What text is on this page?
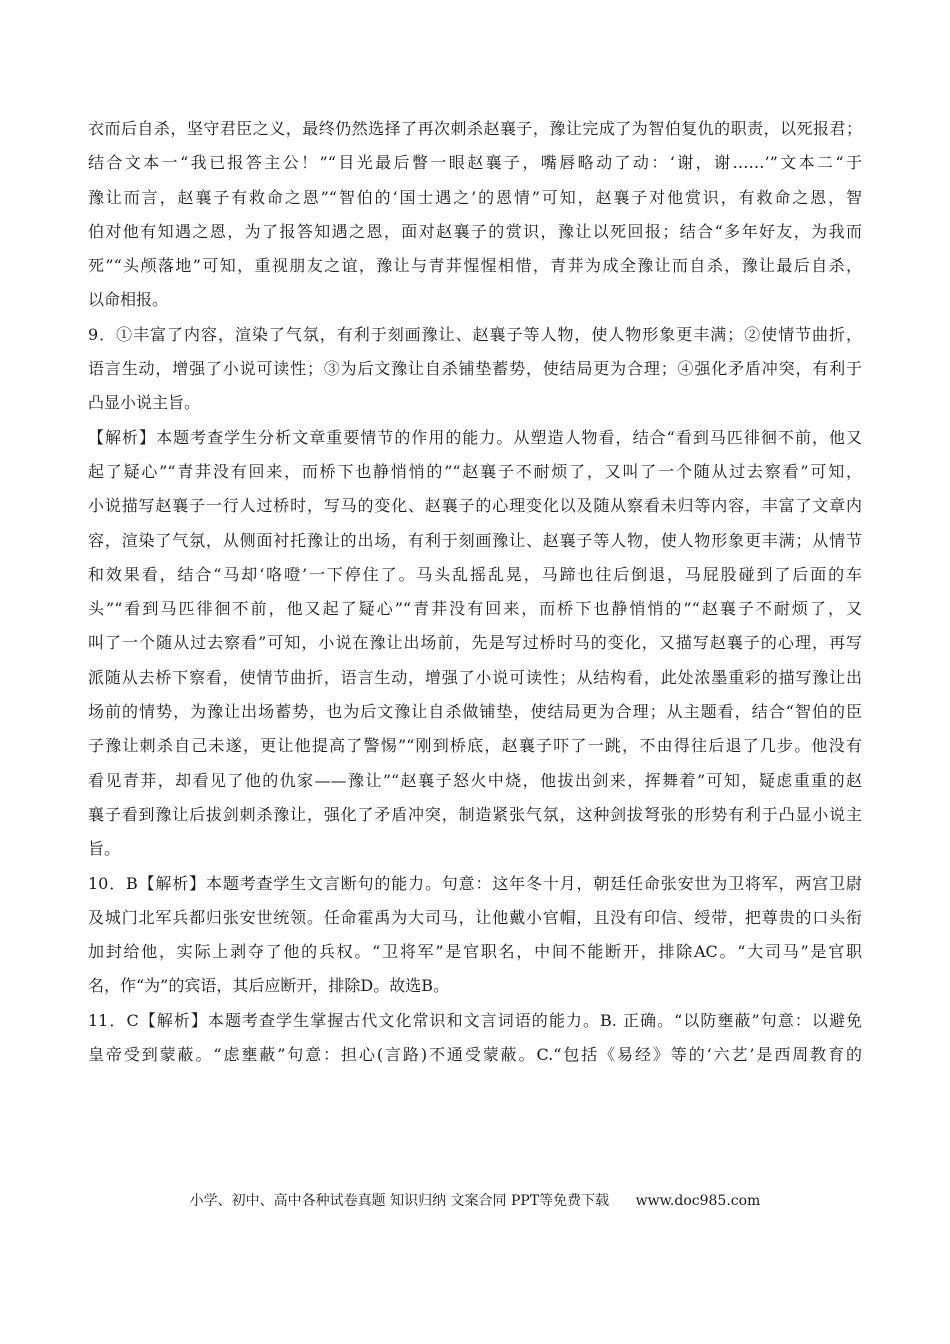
衣而后自杀，坚守君臣之义，最终仍然选择了再次刺杀赵襄子，豫让完成了为智伯复仇的职责，以死报君；
结合文本一“我已报答主公！”“目光最后瞥一眼赵襄子，嘴唇略动了动：‘谢，谢……’”文本二“于
豫让而言，赵襄子有救命之恩”“智伯的‘国士遇之’的恩情”可知，赵襄子对他赏识，有救命之恩，智
伯对他有知遇之恩，为了报答知遇之恩，面对赵襄子的赏识，豫让以死回报；结合“多年好友，为我而
死”“头颅落地”可知，重视朋友之谊，豫让与青荓惺惺相惜，青荓为成全豫让而自杀，豫让最后自杀，
以命相报。
9．①丰富了内容，渲染了气氛，有利于刻画豫让、赵襄子等人物，使人物形象更丰满；②使情节曲折，
语言生动，增强了小说可读性；③为后文豫让自杀铺垫蓄势，使结局更为合理；④强化矛盾冲突，有利于
凸显小说主旨。
【解析】本题考查学生分析文章重要情节的作用的能力。从塑造人物看，结合“看到马匹徘徊不前，他又
起了疑心”“青荓没有回来，而桥下也静悄悄的”“赵襄子不耐烦了，又叫了一个随从过去察看”可知，
小说描写赵襄子一行人过桥时，写马的变化、赵襄子的心理变化以及随从察看未归等内容，丰富了文章内
容，渲染了气氛，从侧面衬托豫让的出场，有利于刻画豫让、赵襄子等人物，使人物形象更丰满；从情节
和效果看，结合“马却‘咯噔’一下停住了。马头乱摇乱晃，马蹄也往后倒退，马屁股碰到了后面的车
头”“看到马匹徘徊不前，他又起了疑心”“青荓没有回来，而桥下也静悄悄的”“赵襄子不耐烦了，又
叫了一个随从过去察看”可知，小说在豫让出场前，先是写过桥时马的变化，又描写赵襄子的心理，再写
派随从去桥下察看，使情节曲折，语言生动，增强了小说可读性；从结构看，此处浓墨重彩的描写豫让出
场前的情势，为豫让出场蓄势，也为后文豫让自杀做铺垫，使结局更为合理；从主题看，结合“智伯的臣
子豫让刺杀自己未遂，更让他提高了警惕”“刚到桥底，赵襄子吓了一跳，不由得往后退了几步。他没有
看见青荓，却看见了他的仇家——豫让”“赵襄子怒火中烧，他拔出剑来，挥舞着”可知，疑虑重重的赵
襄子看到豫让后拔剑刺杀豫让，强化了矛盾冲突，制造紧张气氛，这种剑拔弩张的形势有利于凸显小说主
旨。
10．B【解析】本题考查学生文言断句的能力。句意：这年冬十月，朝廷任命张安世为卫将军，两宫卫尉
及城门北军兵都归张安世统领。任命霍禹为大司马，让他戴小官帽，且没有印信、绶带，把尊贵的口头衔
加封给他，实际上剥夺了他的兵权。“卫将军”是官职名，中间不能断开，排除AC。“大司马”是官职
名，作“为”的宾语，其后应断开，排除D。故选B。
11．C【解析】本题考查学生掌握古代文化常识和文言词语的能力。B. 正确。“以防壅蔽”句意：以避免
皇帝受到蒙蔽。“虑壅蔽”句意：担心(言路)不通受蒙蔽。C.“包括《易经》等的‘六艺’是西周教育的
小学、初中、高中各种试卷真题 知识归纳 文案合同 PPT等免费下载 www.doc985.com
